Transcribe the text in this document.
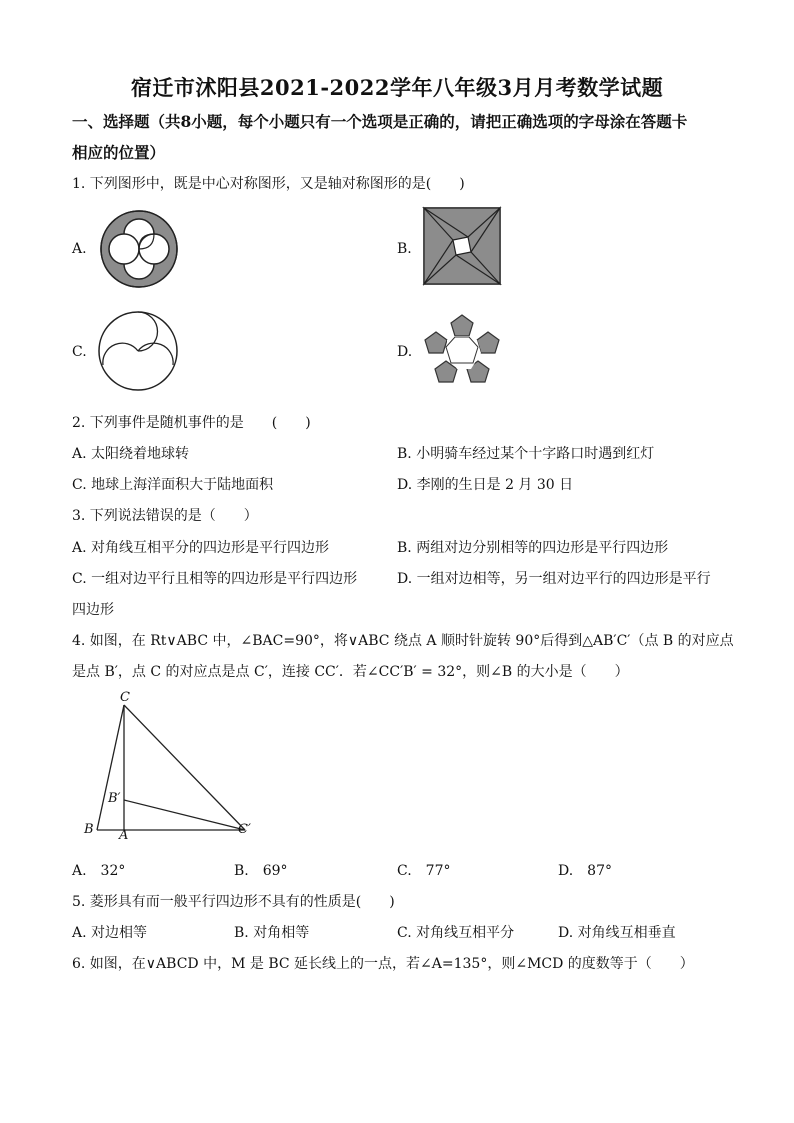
宿迁市沭阳县2021-2022学年八年级3月月考数学试题
一、选择题（共8小题，每个小题只有一个选项是正确的，请把正确选项的字母涂在答题卡
相应的位置）
1. 下列图形中，既是中心对称图形，又是轴对称图形的是(　　)
A.	B.
C.	D.
2. 下列事件是随机事件的是　　(　　)
A. 太阳绕着地球转	B. 小明骑车经过某个十字路口时遇到红灯
C. 地球上海洋面积大于陆地面积	D. 李刚的生日是 2 月 30 日
3. 下列说法错误的是（　　）
A. 对角线互相平分的四边形是平行四边形	B. 两组对边分别相等的四边形是平行四边形
C. 一组对边平行且相等的四边形是平行四边形	D. 一组对边相等，另一组对边平行的四边形是平行
四边形
4. 如图，在 Rt∨ABC 中，∠BAC=90°，将∨ABC 绕点 A 顺时针旋转 90°后得到△AB′C′（点 B 的对应点
是点 B′，点 C 的对应点是点 C′，连接 CC′．若∠CC′B′ = 32°，则∠B 的大小是（　　）
C
B′
B A	C′
A.　32°	B.　69°	C.　77°	D.　87°
5. 菱形具有而一般平行四边形不具有的性质是(　　)
A. 对边相等	B. 对角相等	C. 对角线互相平分	D. 对角线互相垂直
6. 如图，在∨ABCD 中，M 是 BC 延长线上的一点，若∠A=135°，则∠MCD 的度数等于（　　）
